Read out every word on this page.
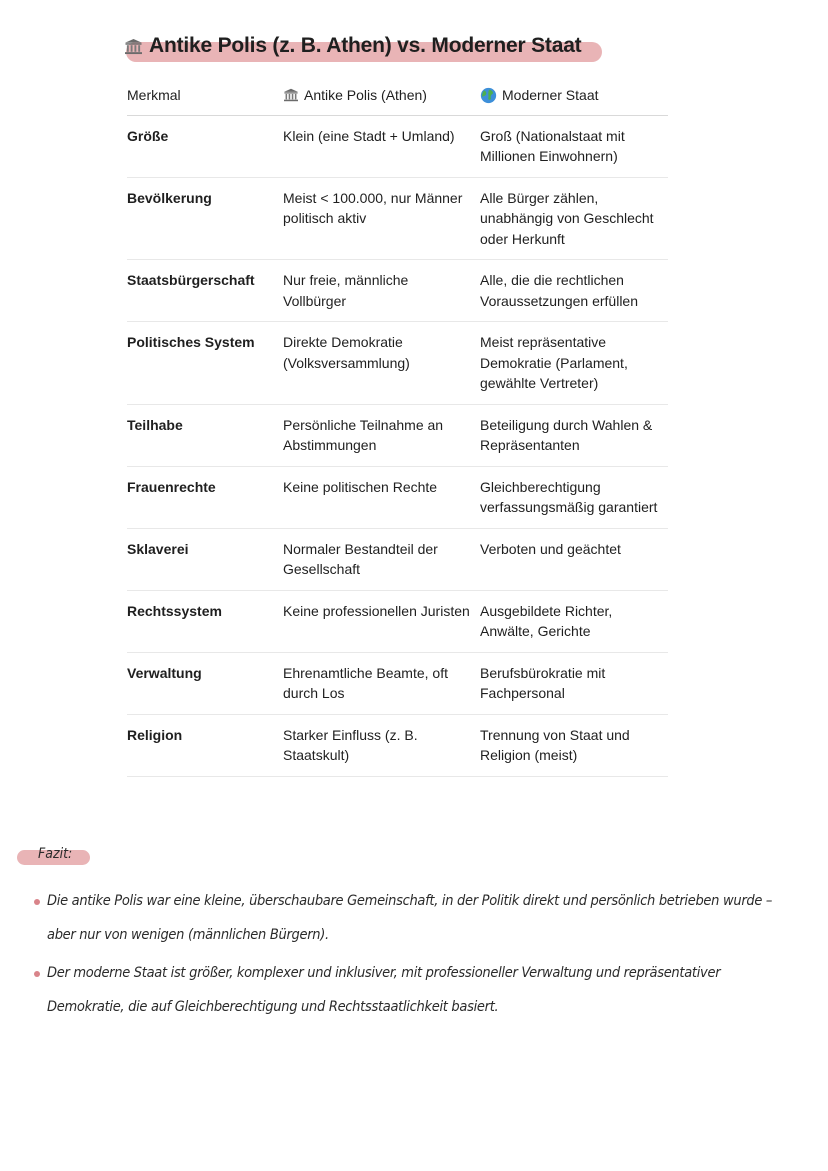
Antike Polis (z. B. Athen) vs. Moderner Staat
Merkmal	Antike Polis (Athen)	Moderner Staat

Größe	Klein (eine Stadt + Umland)	Groß (Nationalstaat mit Millionen Einwohnern)
Bevölkerung	Meist < 100.000, nur Männer politisch aktiv	Alle Bürger zählen, unabhängig von Geschlecht oder Herkunft
Staatsbürgerschaft	Nur freie, männliche Vollbürger	Alle, die die rechtlichen Voraussetzungen erfüllen
Politisches System	Direkte Demokratie (Volksversammlung)	Meist repräsentative Demokratie (Parlament, gewählte Vertreter)
Teilhabe	Persönliche Teilnahme an Abstimmungen	Beteiligung durch Wahlen & Repräsentanten
Frauenrechte	Keine politischen Rechte	Gleichberechtigung verfassungsmäßig garantiert
Sklaverei	Normaler Bestandteil der Gesellschaft	Verboten und geächtet
Rechtssystem	Keine professionellen Juristen	Ausgebildete Richter, Anwälte, Gerichte
Verwaltung	Ehrenamtliche Beamte, oft durch Los	Berufsbürokratie mit Fachpersonal
Religion	Starker Einfluss (z. B. Staatskult)	Trennung von Staat und Religion (meist)
Fazit:
Die antike Polis war eine kleine, überschaubare Gemeinschaft, in der Politik direkt und persönlich betrieben wurde – aber nur von wenigen (männlichen Bürgern).
Der moderne Staat ist größer, komplexer und inklusiver, mit professioneller Verwaltung und repräsentativer Demokratie, die auf Gleichberechtigung und Rechtsstaatlichkeit basiert.
